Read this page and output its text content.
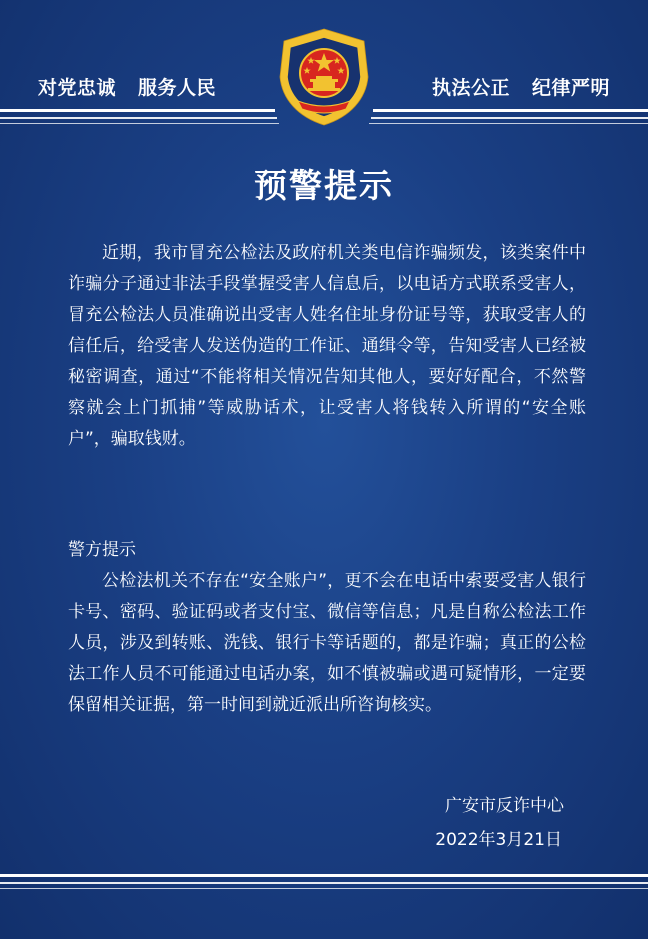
对党忠诚 服务人民	执法公正 纪律严明
预警提示
近期，我市冒充公检法及政府机关类电信诈骗频发，该类案件中诈骗分子通过非法手段掌握受害人信息后，以电话方式联系受害人，冒充公检法人员准确说出受害人姓名住址身份证号等，获取受害人的信任后，给受害人发送伪造的工作证、通缉令等，告知受害人已经被秘密调查，通过“不能将相关情况告知其他人，要好好配合，不然警察就会上门抓捕”等威胁话术，让受害人将钱转入所谓的“安全账户”，骗取钱财。
警方提示
公检法机关不存在“安全账户”，更不会在电话中索要受害人银行卡号、密码、验证码或者支付宝、微信等信息；凡是自称公检法工作人员，涉及到转账、洗钱、银行卡等话题的，都是诈骗；真正的公检法工作人员不可能通过电话办案，如不慎被骗或遇可疑情形，一定要保留相关证据，第一时间到就近派出所咨询核实。
广安市反诈中心
2022年3月21日
